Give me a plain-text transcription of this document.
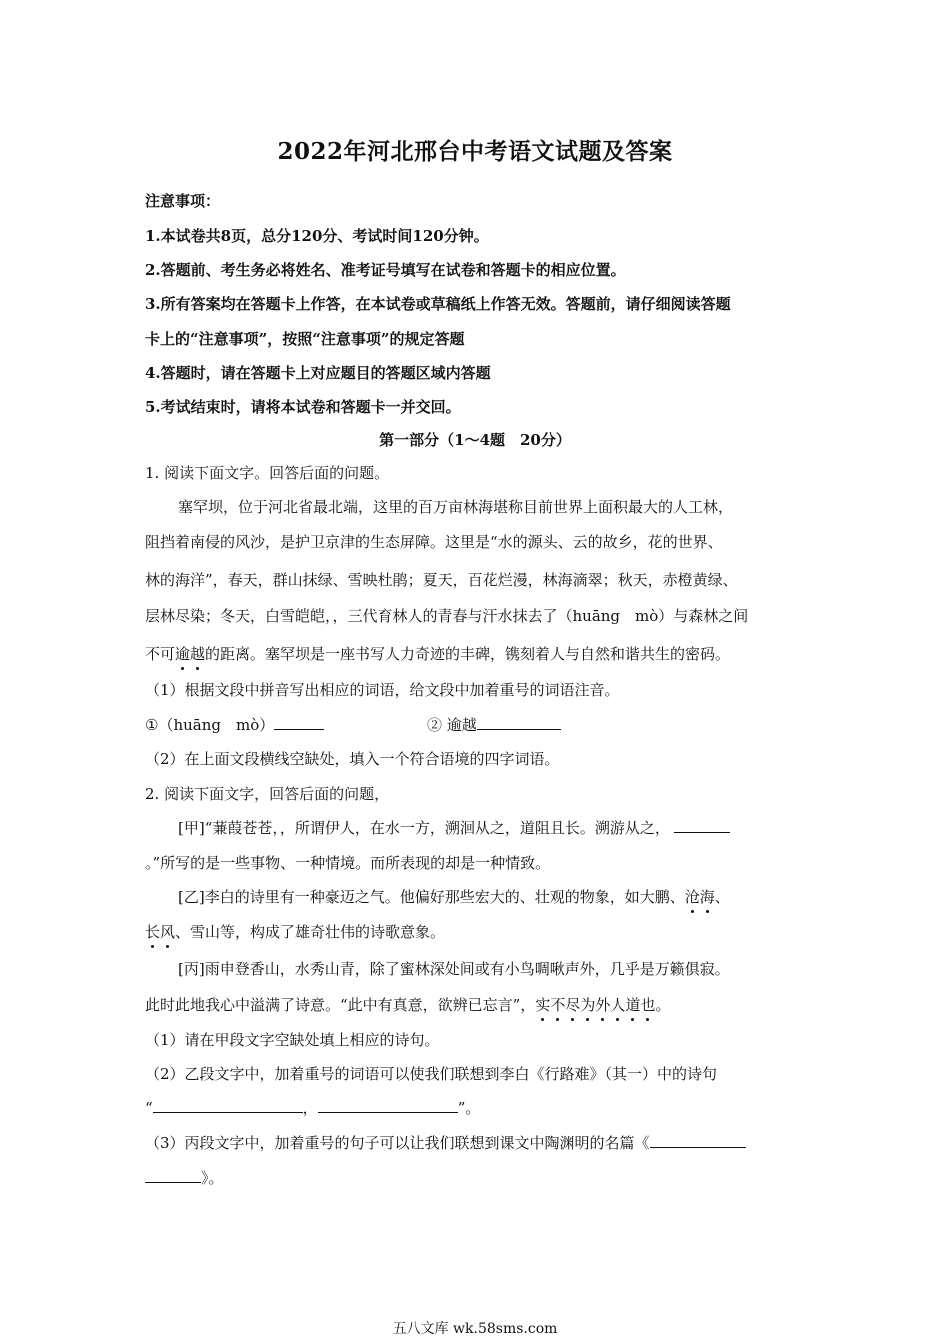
2022年河北邢台中考语文试题及答案
注意事项：
1.本试卷共8页，总分120分、考试时间120分钟。
2.答题前、考生务必将姓名、准考证号填写在试卷和答题卡的相应位置。
3.所有答案均在答题卡上作答，在本试卷或草稿纸上作答无效。答题前，请仔细阅读答题
卡上的“注意事项”，按照“注意事项”的规定答题
4.答题时，请在答题卡上对应题目的答题区域内答题
5.考试结束时，请将本试卷和答题卡一并交回。
第一部分（1～4题　20分）
1. 阅读下面文字。回答后面的问题。
塞罕坝，位于河北省最北端，这里的百万亩林海堪称目前世界上面积最大的人工林，
阻挡着南侵的风沙，是护卫京津的生态屏障。这里是“水的源头、云的故乡，花的世界、
林的海洋”，春天，群山抹绿、雪映杜鹃；夏天，百花烂漫，林海滴翠；秋天，赤橙黄绿、
层林尽染；冬天，白雪皑皑，，三代育林人的青春与汗水抹去了（huāng　mò）与森林之间
不可逾越的距离。塞罕坝是一座书写人力奇迹的丰碑，镌刻着人与自然和谐共生的密码。
（1）根据文段中拼音写出相应的词语，给文段中加着重号的词语注音。
①（huāng　mò）	② 逾越
（2）在上面文段横线空缺处，填入一个符合语境的四字词语。
2. 阅读下面文字，回答后面的问题，
[甲]“蒹葭苍苍，，所谓伊人，在水一方，溯洄从之，道阻且长。溯游从之，
。”所写的是一些事物、一种情境。而所表现的却是一种情致。
[乙]李白的诗里有一种豪迈之气。他偏好那些宏大的、壮观的物象，如大鹏、沧海、
长风、雪山等，构成了雄奇壮伟的诗歌意象。
[丙]雨申登香山，水秀山青，除了蜜林深处间或有小鸟啁啾声外，几乎是万籁俱寂。
此时此地我心中溢满了诗意。“此中有真意，欲辨已忘言”，实不尽为外人道也。
（1）请在甲段文字空缺处填上相应的诗句。
（2）乙段文字中，加着重号的词语可以使我们联想到李白《行路难》（其一）中的诗句
“	，	”。
（3）丙段文字中，加着重号的句子可以让我们联想到课文中陶渊明的名篇《
》。
五八文库 wk.58sms.com
